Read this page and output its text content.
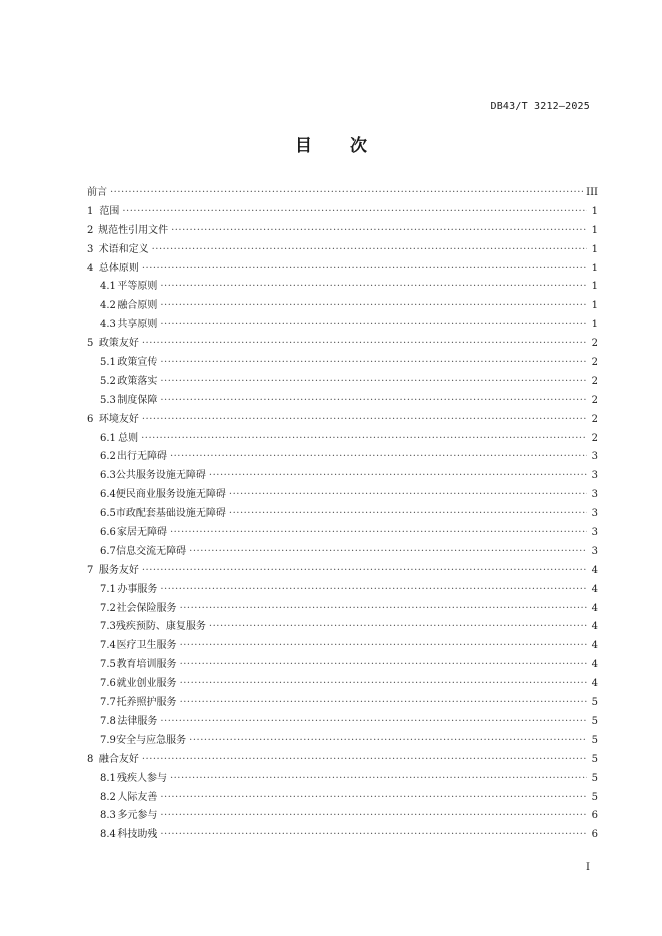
DB43/T 3212—2025
目 次
前言 ·····	III
1 范围 ·····	1
2 规范性引用文件 ·····	1
3 术语和定义 ·····	1
4 总体原则 ·····	1
4.1 平等原则 ·····	1
4.2 融合原则 ·····	1
4.3 共享原则 ·····	1
5 政策友好 ·····	2
5.1 政策宣传 ·····	2
5.2 政策落实 ·····	2
5.3 制度保障 ·····	2
6 环境友好 ·····	2
6.1 总则 ·····	2
6.2 出行无障碍 ·····	3
6.3 公共服务设施无障碍 ·····	3
6.4 便民商业服务设施无障碍 ·····	3
6.5 市政配套基础设施无障碍 ·····	3
6.6 家居无障碍 ·····	3
6.7 信息交流无障碍 ·····	3
7 服务友好 ·····	4
7.1 办事服务 ·····	4
7.2 社会保险服务 ·····	4
7.3 残疾预防、康复服务 ·····	4
7.4 医疗卫生服务 ·····	4
7.5 教育培训服务 ·····	4
7.6 就业创业服务 ·····	4
7.7 托养照护服务 ·····	5
7.8 法律服务 ·····	5
7.9 安全与应急服务 ·····	5
8 融合友好 ·····	5
8.1 残疾人参与 ·····	5
8.2 人际友善 ·····	5
8.3 多元参与 ·····	6
8.4 科技助残 ·····	6
I
